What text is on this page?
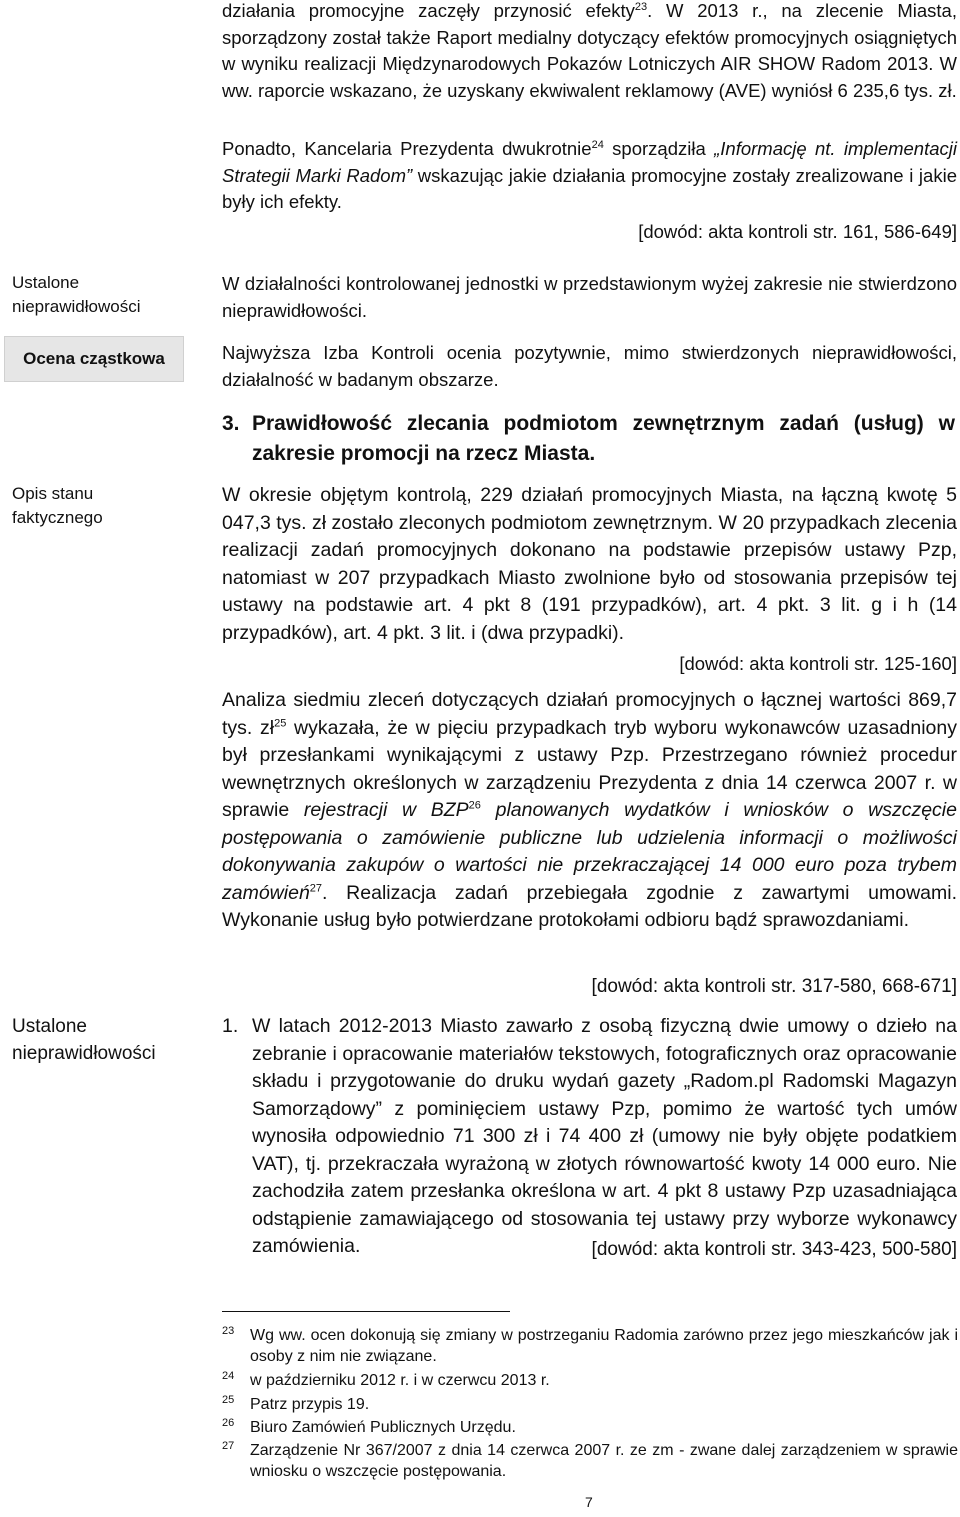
Ustalone nieprawidłowości
Ocena cząstkowa
Opis stanu faktycznego
Ustalone nieprawidłowości

działania promocyjne zaczęły przynosić efekty$^{23}$. W 2013 r., na zlecenie Miasta, sporządzony został także Raport medialny dotyczący efektów promocyjnych osiągniętych w wyniku realizacji Międzynarodowych Pokazów Lotniczych AIR SHOW Radom 2013. W ww. raporcie wskazano, że uzyskany ekwiwalent reklamowy (AVE) wyniósł 6 235,6 tys. zł.

Ponadto, Kancelaria Prezydenta dwukrotnie$^{24}$ sporządziła „Informację nt. implementacji Strategii Marki Radom” wskazując jakie działania promocyjne zostały zrealizowane i jakie były ich efekty.

[dowód: akta kontroli str. 161, 586-649]

W działalności kontrolowanej jednostki w przedstawionym wyżej zakresie nie stwierdzono nieprawidłowości.

Najwyższa Izba Kontroli ocenia pozytywnie, mimo stwierdzonych nieprawidłowości, działalność w badanym obszarze.

3. Prawidłowość zlecania podmiotom zewnętrznym zadań (usług) w zakresie promocji na rzecz Miasta.

W okresie objętym kontrolą, 229 działań promocyjnych Miasta, na łączną kwotę 5 047,3 tys. zł zostało zleconych podmiotom zewnętrznym. W 20 przypadkach zlecenia realizacji zadań promocyjnych dokonano na podstawie przepisów ustawy Pzp, natomiast w 207 przypadkach Miasto zwolnione było od stosowania przepisów tej ustawy na podstawie art. 4 pkt 8 (191 przypadków), art. 4 pkt. 3 lit. g i h (14 przypadków), art. 4 pkt. 3 lit. i (dwa przypadki).

[dowód: akta kontroli str. 125-160]

Analiza siedmiu zleceń dotyczących działań promocyjnych o łącznej wartości 869,7 tys. $zł^{25}$ wykazała, że w pięciu przypadkach tryb wyboru wykonawców uzasadniony był przesłankami wynikającymi z ustawy Pzp. Przestrzegano również procedur wewnętrznych określonych w zarządzeniu Prezydenta z dnia 14 czerwca 2007 r. w sprawie rejestracji w BZP$^{26}$ planowanych wydatków i wniosków o wszczęcie postępowania o zamówienie publiczne lub udzielenia informacji o możliwości dokonywania zakupów o wartości nie przekraczającej 14 000 euro poza trybem zamówień$^{27}$. Realizacja zadań przebiegała zgodnie z zawartymi umowami. Wykonanie usług było potwierdzane protokołami odbioru bądź sprawozdaniami.

[dowód: akta kontroli str. 317-580, 668-671]
1. W latach 2012-2013 Miasto zawarło z osobą fizyczną dwie umowy o dzieło na zebranie i opracowanie materiałów tekstowych, fotograficznych oraz opracowanie składu i przygotowanie do druku wydań gazety „Radom.pl Radomski Magazyn Samorządowy” z pominięciem ustawy Pzp, pomimo że wartość tych umów wynosiła odpowiednio 71 300 zł i 74 400 zł (umowy nie były objęte podatkiem VAT), tj. przekraczała wyrażoną w złotych równowartość kwoty 14 000 euro. Nie zachodziła zatem przesłanka określona w art. 4 pkt 8 ustawy Pzp uzasadniająca odstąpienie zamawiającego od stosowania tej ustawy przy wyborze wykonawcy zamówienia.	[dowód: akta kontroli str. 343-423, 500-580]
23 Wg ww. ocen dokonują się zmiany w postrzeganiu Radomia zarówno przez jego mieszkańców jak i osoby z nim nie związane.
24 w październiku 2012 r. i w czerwcu 2013 r.
25 Patrz przypis 19.
26 Biuro Zamówień Publicznych Urzędu.
27 Zarządzenie Nr 367/2007 z dnia 14 czerwca 2007 r. ze zm - zwane dalej zarządzeniem w sprawie wniosku o wszczęcie postępowania.
7
